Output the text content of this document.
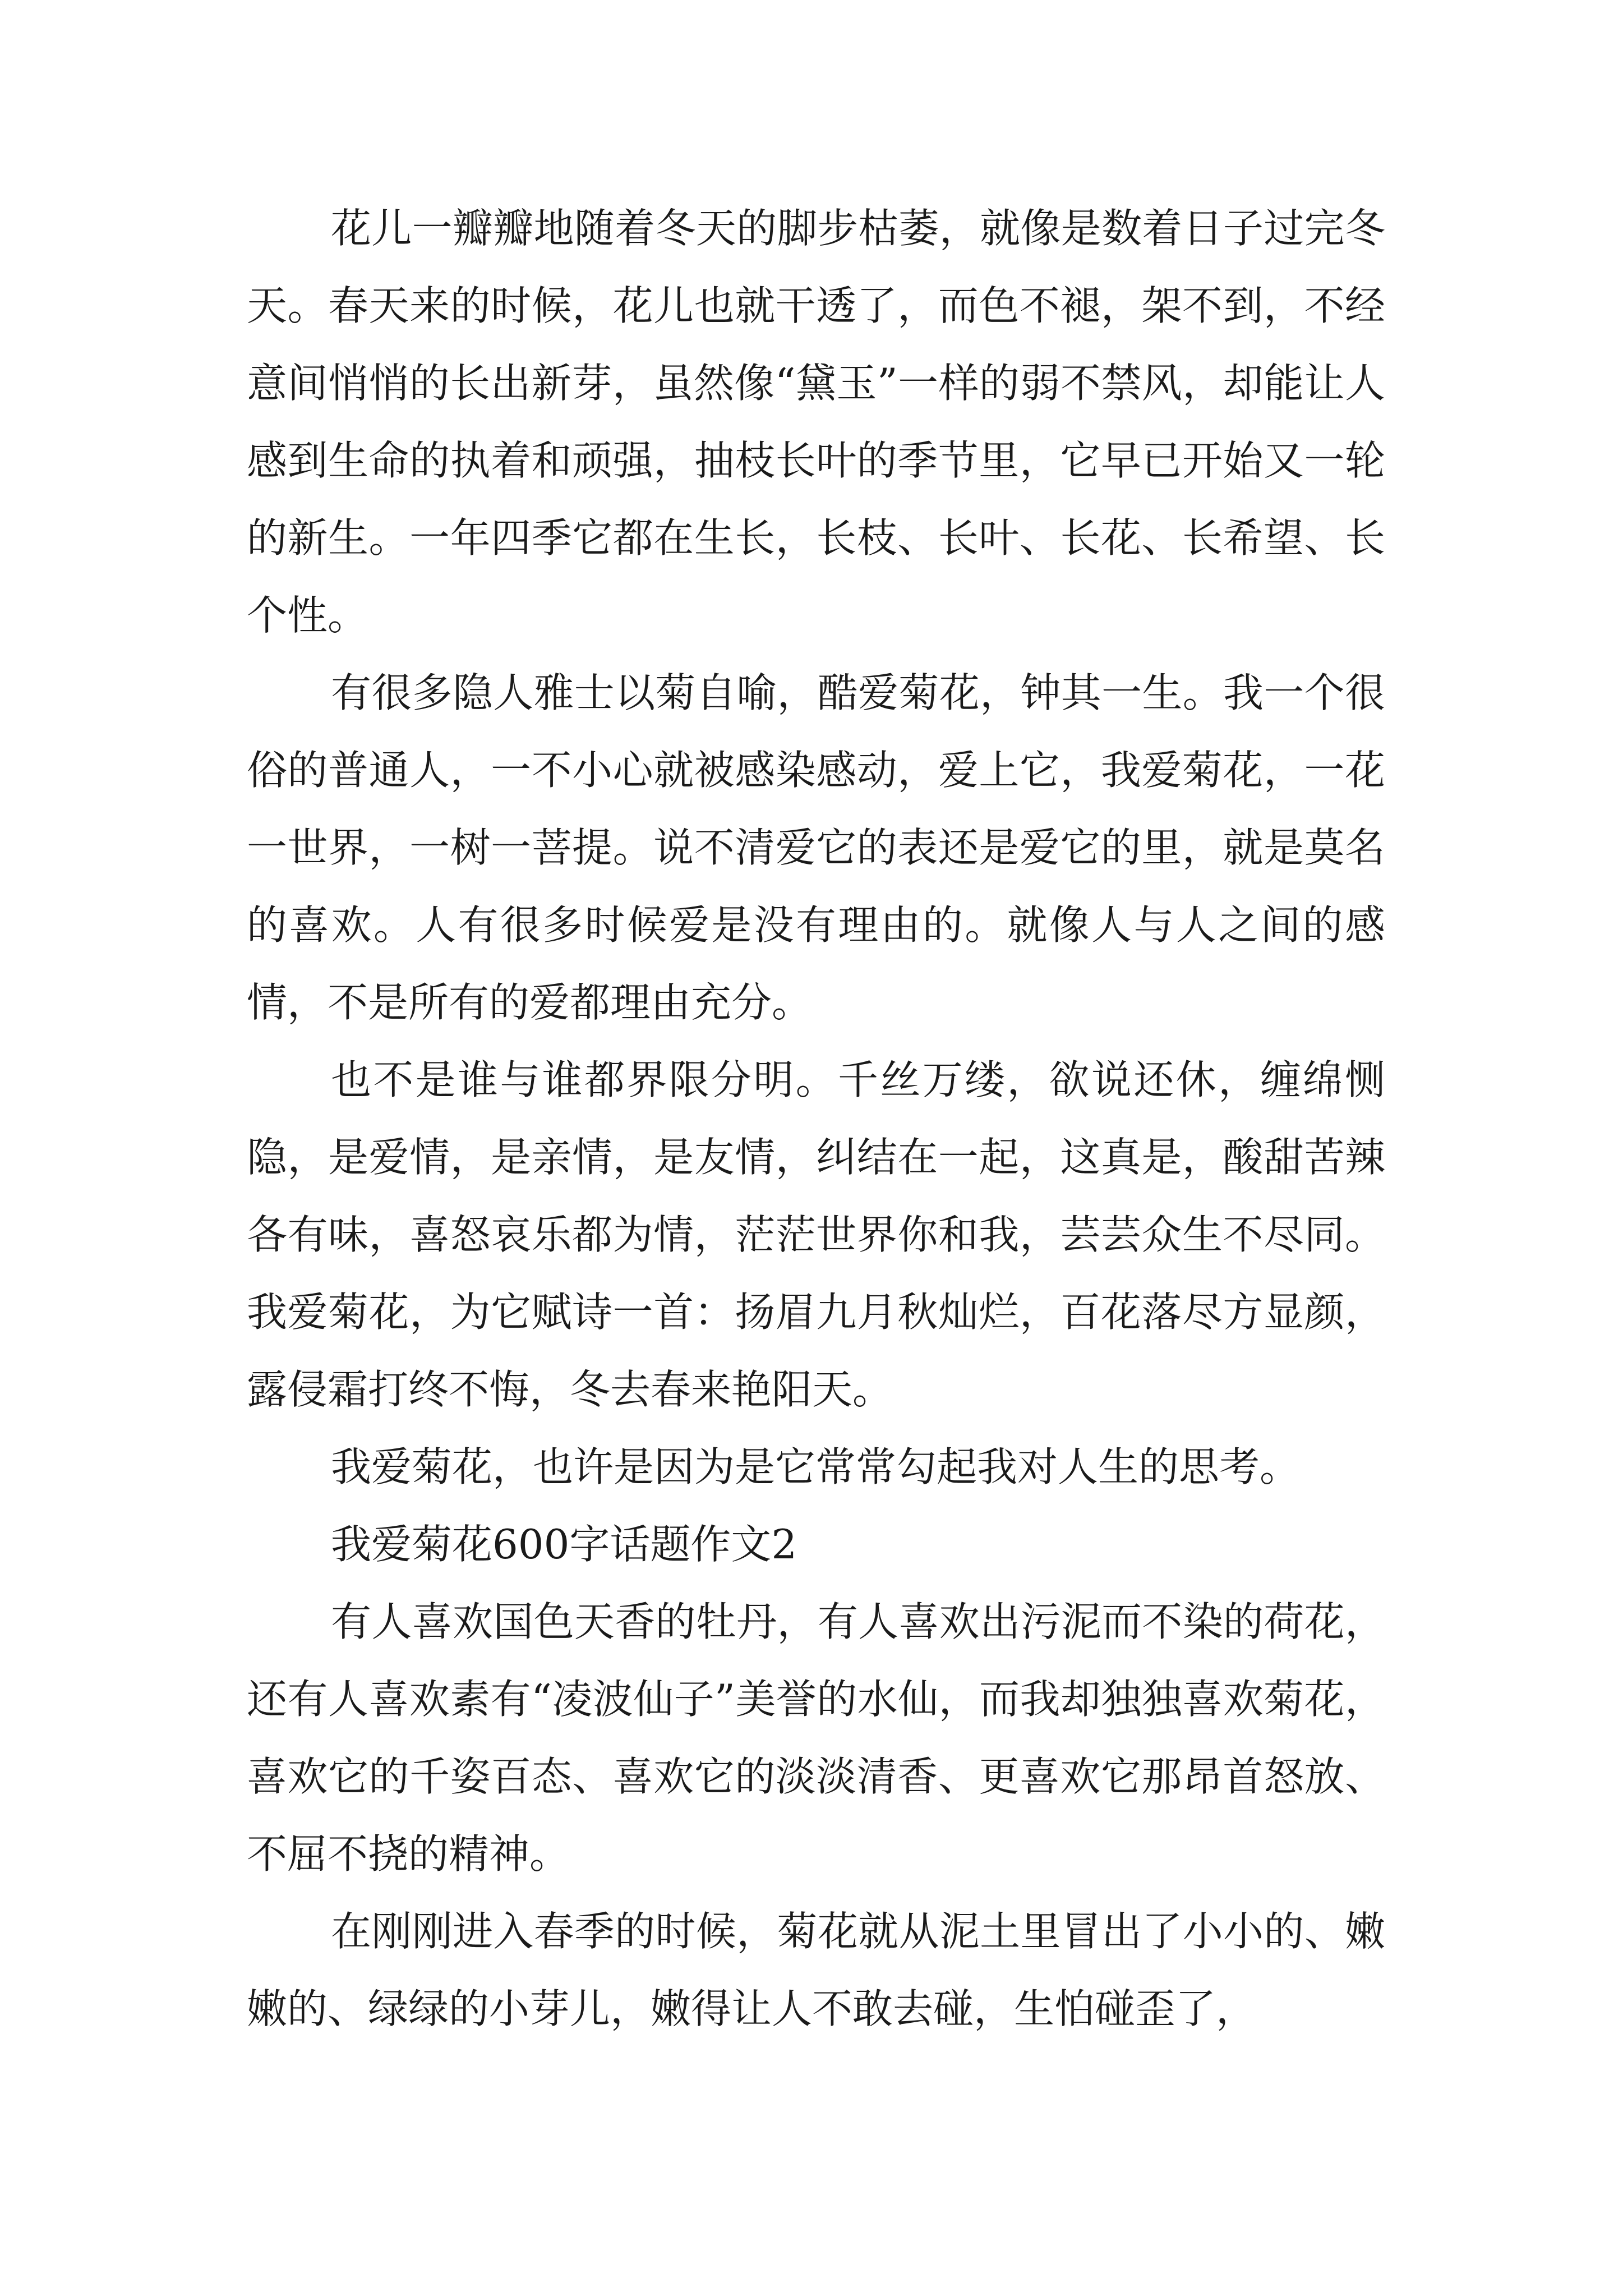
花儿一瓣瓣地随着冬天的脚步枯萎，就像是数着日子过完冬天。春天来的时候，花儿也就干透了，而色不褪，架不到，不经意间悄悄的长出新芽，虽然像“黛玉”一样的弱不禁风，却能让人感到生命的执着和顽强，抽枝长叶的季节里，它早已开始又一轮的新生。一年四季它都在生长，长枝、长叶、长花、长希望、长个性。

有很多隐人雅士以菊自喻，酷爱菊花，钟其一生。我一个很俗的普通人，一不小心就被感染感动，爱上它，我爱菊花，一花一世界，一树一菩提。说不清爱它的表还是爱它的里，就是莫名的喜欢。人有很多时候爱是没有理由的。就像人与人之间的感情，不是所有的爱都理由充分。

也不是谁与谁都界限分明。千丝万缕，欲说还休，缠绵恻隐，是爱情，是亲情，是友情，纠结在一起，这真是，酸甜苦辣各有味，喜怒哀乐都为情，茫茫世界你和我，芸芸众生不尽同。我爱菊花，为它赋诗一首：扬眉九月秋灿烂，百花落尽方显颜，露侵霜打终不悔，冬去春来艳阳天。

我爱菊花，也许是因为是它常常勾起我对人生的思考。

我爱菊花600字话题作文2

有人喜欢国色天香的牡丹，有人喜欢出污泥而不染的荷花，还有人喜欢素有“凌波仙子”美誉的水仙，而我却独独喜欢菊花，喜欢它的千姿百态、喜欢它的淡淡清香、更喜欢它那昂首怒放、不屈不挠的精神。

在刚刚进入春季的时候，菊花就从泥土里冒出了小小的、嫩嫩的、绿绿的小芽儿，嫩得让人不敢去碰，生怕碰歪了，
